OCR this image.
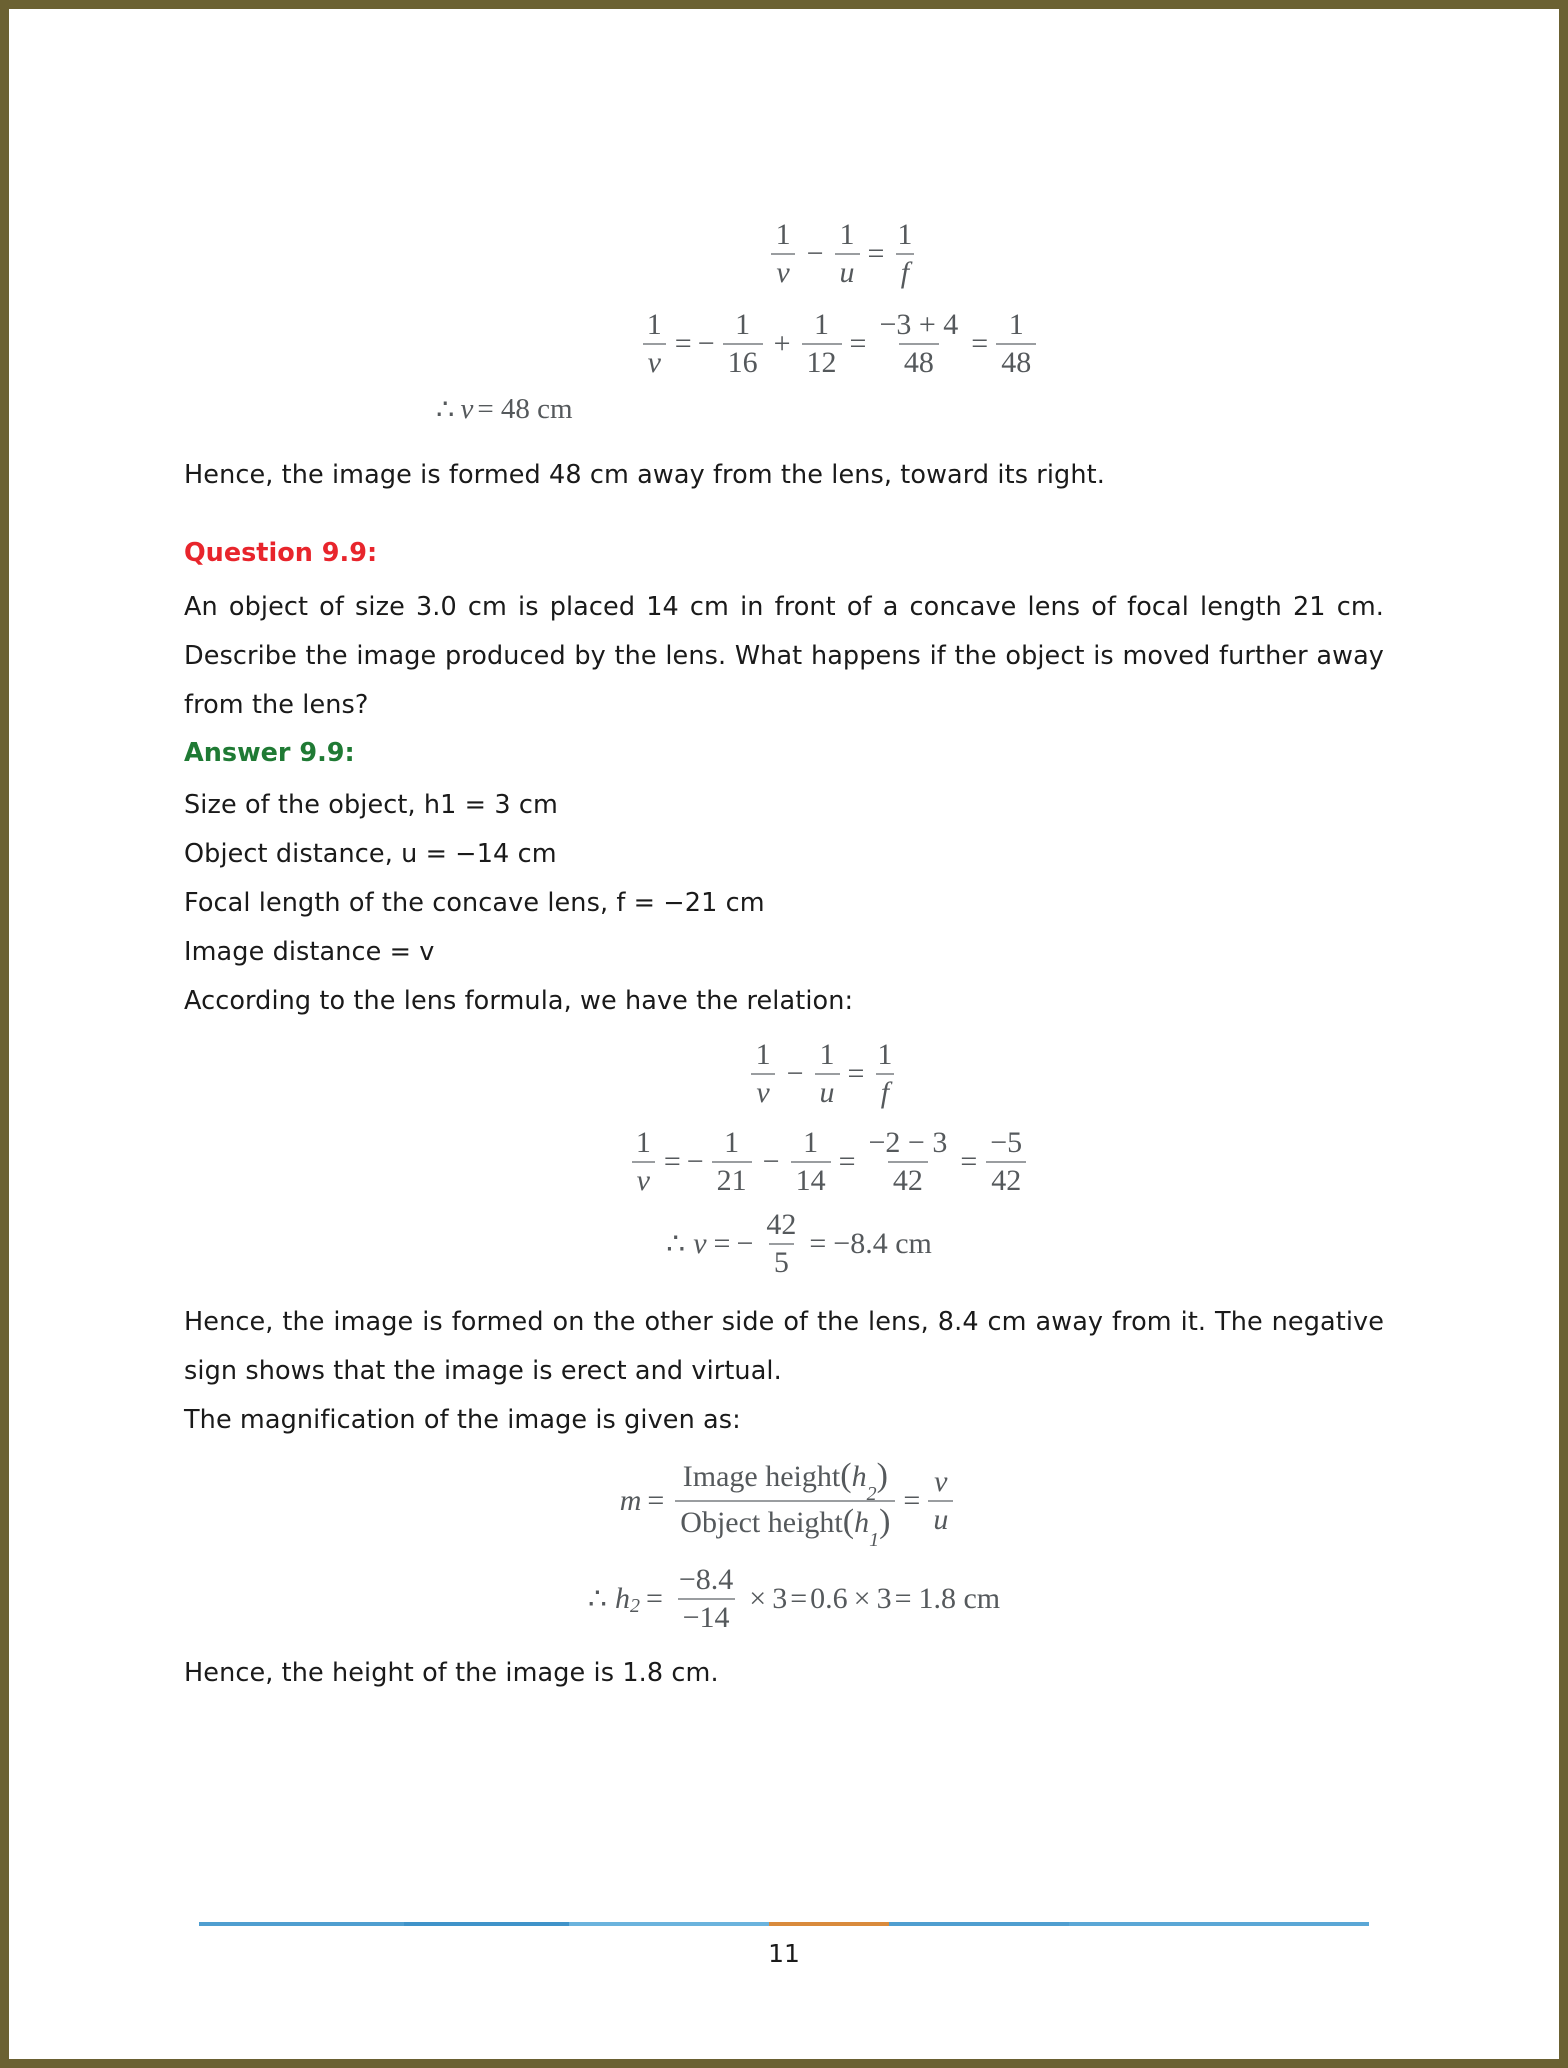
$\frac{1}{v} - \frac{1}{u} = \frac{1}{f}$
$\frac{1}{v}$ = − $\frac{1}{16} + \frac{1}{12} = \frac{-3 + 4}{48} = \frac{1}{48}$
∴ v = 48 cm

Hence, the image is formed 48 cm away from the lens, toward its right.

Question 9.9:

An object of size 3.0 cm is placed 14 cm in front of a concave lens of focal length 21 cm. Describe the image produced by the lens. What happens if the object is moved further away from the lens?

Answer 9.9:

Size of the object, h1 = 3 cm

Object distance, u = −14 cm

Focal length of the concave lens, f = −21 cm

Image distance = v

According to the lens formula, we have the relation:

$\frac{1}{v} - \frac{1}{u} = \frac{1}{f}$
$\frac{1}{v}$ = − $\frac{1}{21} - \frac{1}{14} = \frac{-2 - 3}{42} = \frac{-5}{42}$
∴ v = − $\frac{42}{5} = -8.4$ cm

Hence, the image is formed on the other side of the lens, 8.4 cm away from it. The negative sign shows that the image is erect and virtual.

The magnification of the image is given as:

$m = \frac{Image height(h_2)}{Object height(h_1)} = \frac{v}{u}$
∴ h $2 = \frac{-8.4}{-14} \times 3 = 0.6 \times 3 = 1.8$ cm

Hence, the height of the image is 1.8 cm.

11
